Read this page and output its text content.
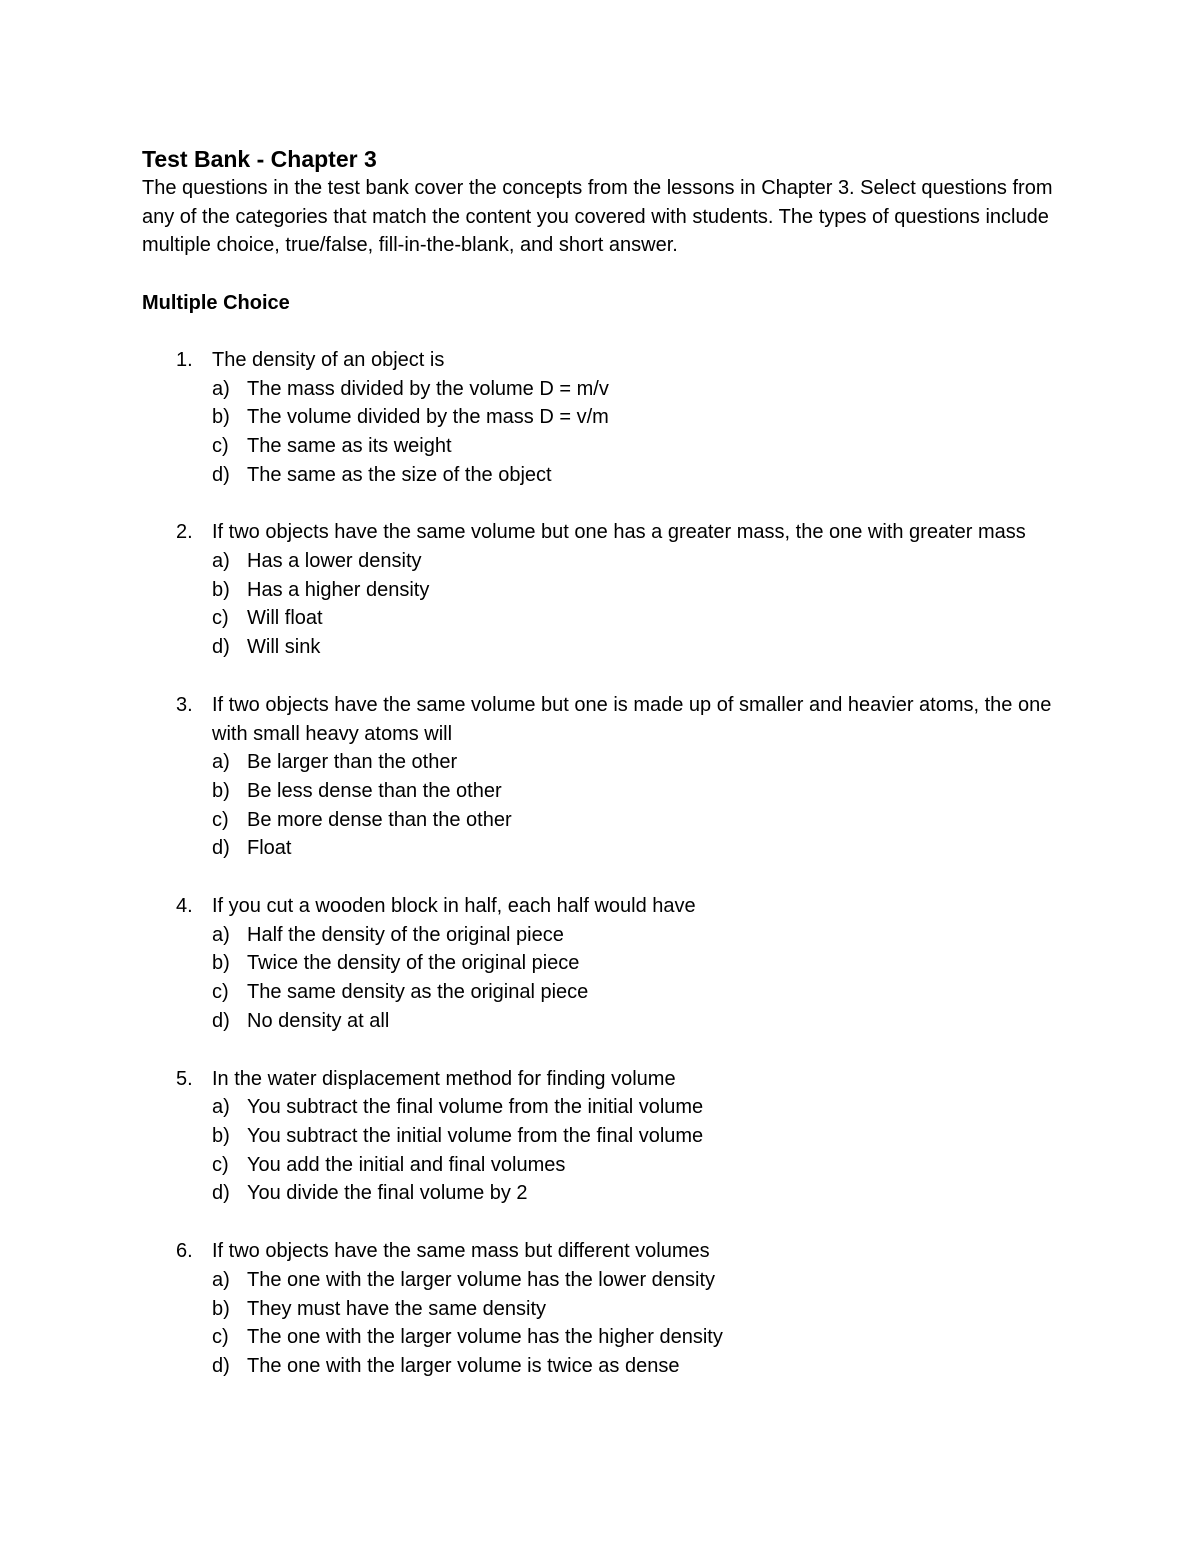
Test Bank - Chapter 3

The questions in the test bank cover the concepts from the lessons in Chapter 3. Select questions from any of the categories that match the content you covered with students. The types of questions include multiple choice, true/false, fill-in-the-blank, and short answer.

Multiple Choice
1. The density of an object is
a) The mass divided by the volume D = m/v
b) The volume divided by the mass D = v/m
c) The same as its weight
d) The same as the size of the object
2. If two objects have the same volume but one has a greater mass, the one with greater mass
a) Has a lower density
b) Has a higher density
c) Will float
d) Will sink
3. If two objects have the same volume but one is made up of smaller and heavier atoms, the one with small heavy atoms will
a) Be larger than the other
b) Be less dense than the other
c) Be more dense than the other
d) Float
4. If you cut a wooden block in half, each half would have
a) Half the density of the original piece
b) Twice the density of the original piece
c) The same density as the original piece
d) No density at all
5. In the water displacement method for finding volume
a) You subtract the final volume from the initial volume
b) You subtract the initial volume from the final volume
c) You add the initial and final volumes
d) You divide the final volume by 2
6. If two objects have the same mass but different volumes
a) The one with the larger volume has the lower density
b) They must have the same density
c) The one with the larger volume has the higher density
d) The one with the larger volume is twice as dense
